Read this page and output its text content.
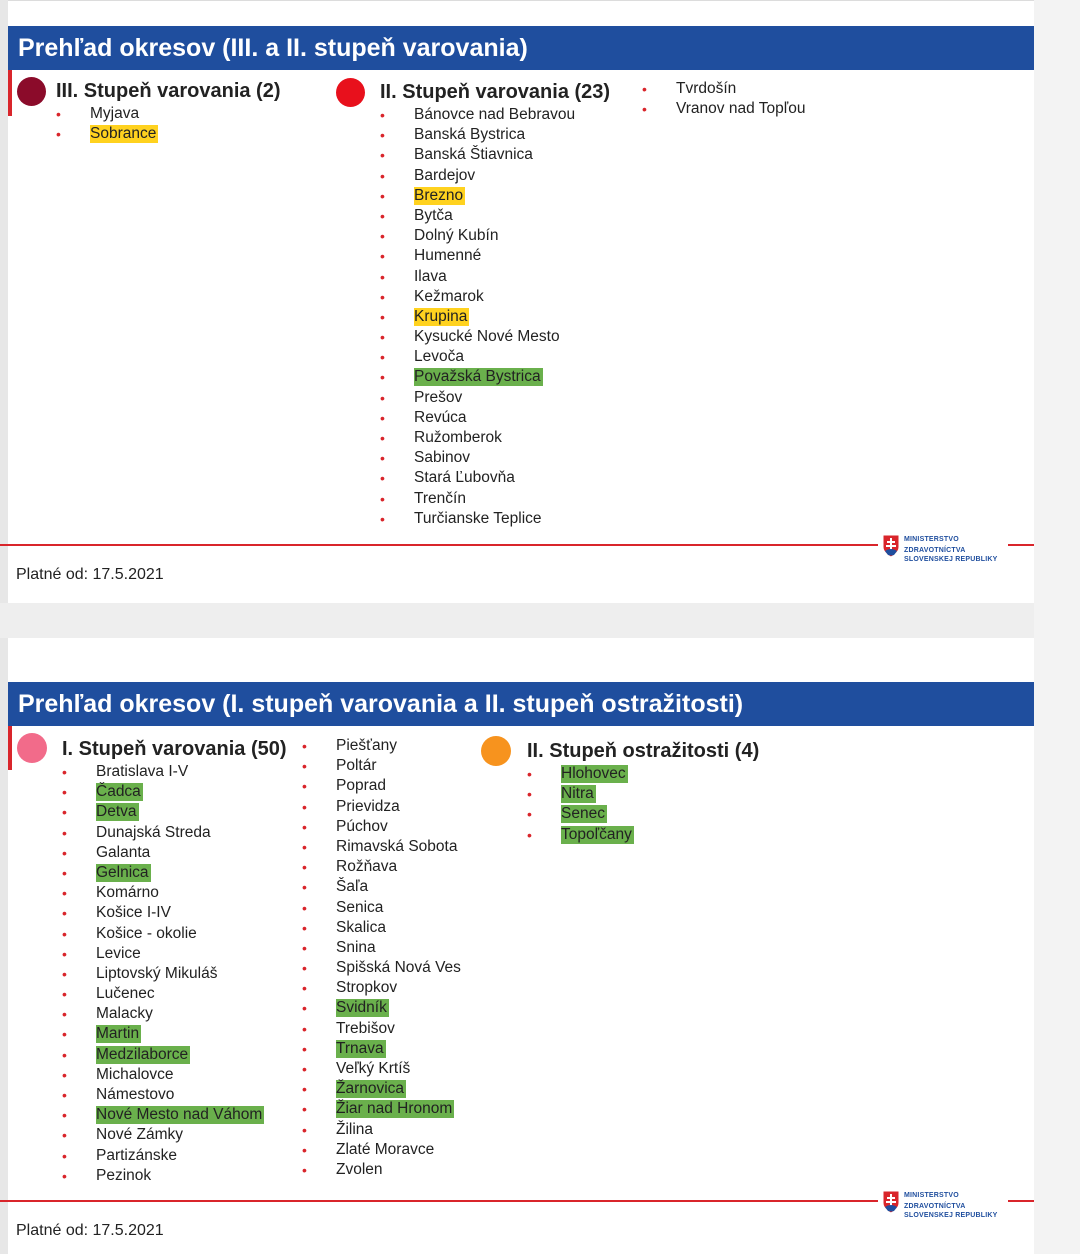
Prehľad okresov (III. a II. stupeň varovania)
III. Stupeň varovania (2)
• Myjava
• Sobrance
II. Stupeň varovania (23)
• Bánovce nad Bebravou
• Banská Bystrica
• Banská Štiavnica
• Bardejov
• Brezno
• Bytča
• Dolný Kubín
• Humenné
• Ilava
• Kežmarok
• Krupina
• Kysucké Nové Mesto
• Levoča
• Považská Bystrica
• Prešov
• Revúca
• Ružomberok
• Sabinov
• Stará Ľubovňa
• Trenčín
• Turčianske Teplice
• Tvrdošín
• Vranov nad Topľou
MINISTERSTVO
ZDRAVOTNÍCTVA
SLOVENSKEJ REPUBLIKY
Platné od: 17.5.2021
Prehľad okresov (I. stupeň varovania a II. stupeň ostražitosti)
I. Stupeň varovania (50)
• Bratislava I-V
• Čadca
• Detva
• Dunajská Streda
• Galanta
• Gelnica
• Komárno
• Košice I-IV
• Košice - okolie
• Levice
• Liptovský Mikuláš
• Lučenec
• Malacky
• Martin
• Medzilaborce
• Michalovce
• Námestovo
• Nové Mesto nad Váhom
• Nové Zámky
• Partizánske
• Pezinok
• Piešťany
• Poltár
• Poprad
• Prievidza
• Púchov
• Rimavská Sobota
• Rožňava
• Šaľa
• Senica
• Skalica
• Snina
• Spišská Nová Ves
• Stropkov
• Svidník
• Trebišov
• Trnava
• Veľký Krtíš
• Žarnovica
• Žiar nad Hronom
• Žilina
• Zlaté Moravce
• Zvolen
II. Stupeň ostražitosti (4)
• Hlohovec
• Nitra
• Senec
• Topoľčany
MINISTERSTVO
ZDRAVOTNÍCTVA
SLOVENSKEJ REPUBLIKY
Platné od: 17.5.2021
